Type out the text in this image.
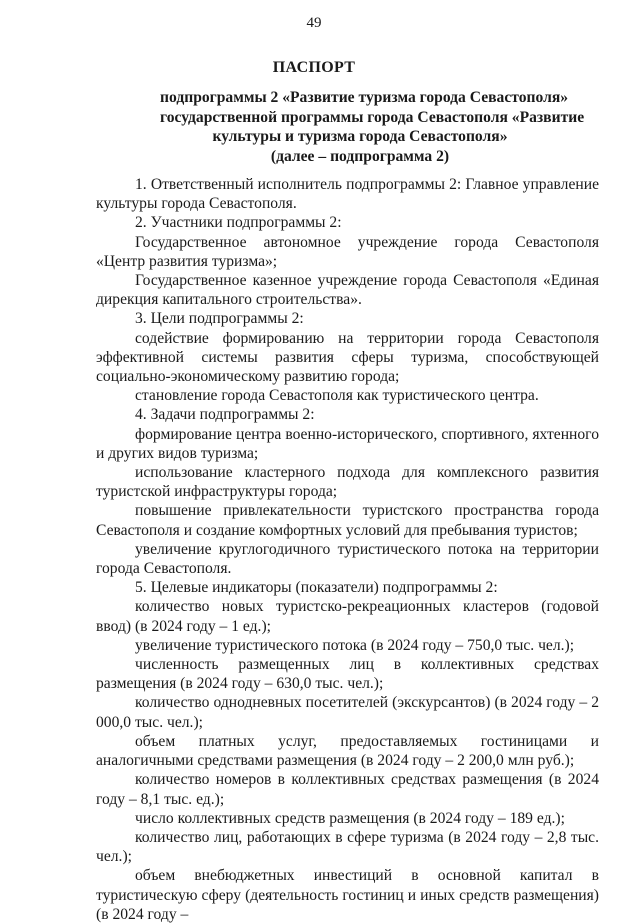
49
ПАСПОРТ
подпрограммы 2 «Развитие туризма города Севастополя»
государственной программы города Севастополя «Развитие
культуры и туризма города Севастополя»
(далее – подпрограмма 2)

1. Ответственный исполнитель подпрограммы 2: Главное управление культуры города Севастополя.

2. Участники подпрограммы 2:

Государственное автономное учреждение города Севастополя «Центр развития туризма»;

Государственное казенное учреждение города Севастополя «Единая дирекция капитального строительства».

3. Цели подпрограммы 2:

содействие формированию на территории города Севастополя эффективной системы развития сферы туризма, способствующей социально-экономическому развитию города;

становление города Севастополя как туристического центра.

4. Задачи подпрограммы 2:

формирование центра военно-исторического, спортивного, яхтенного и других видов туризма;

использование кластерного подхода для комплексного развития туристской инфраструктуры города;

повышение привлекательности туристского пространства города Севастополя и создание комфортных условий для пребывания туристов;

увеличение круглогодичного туристического потока на территории города Севастополя.

5. Целевые индикаторы (показатели) подпрограммы 2:

количество новых туристско-рекреационных кластеров (годовой ввод) (в 2024 году – 1 ед.);

увеличение туристического потока (в 2024 году – 750,0 тыс. чел.);

численность размещенных лиц в коллективных средствах размещения (в 2024 году – 630,0 тыс. чел.);

количество однодневных посетителей (экскурсантов) (в 2024 году – 2 000,0 тыс. чел.);

объем платных услуг, предоставляемых гостиницами и аналогичными средствами размещения (в 2024 году – 2 200,0 млн руб.);

количество номеров в коллективных средствах размещения (в 2024 году – 8,1 тыс. ед.);

число коллективных средств размещения (в 2024 году – 189 ед.);

количество лиц, работающих в сфере туризма (в 2024 году – 2,8 тыс. чел.);

объем внебюджетных инвестиций в основной капитал в туристическую сферу (деятельность гостиниц и иных средств размещения) (в 2024 году –
